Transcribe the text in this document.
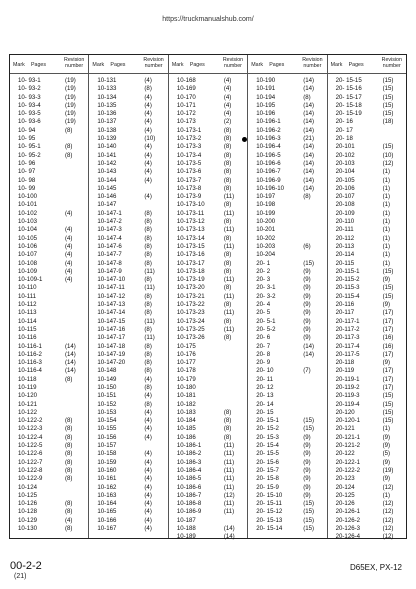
https://truckmanualshub.com/
Mark Pages
Revision
number
10- 93-1	(19)
10- 93-2	(19)
10- 93-3	(19)
10- 93-4	(19)
10- 93-5	(19)
10- 93-6	(19)
10- 94	(8)
10- 95
10- 95-1	(8)
10- 95-2	(8)
10- 96
10- 97
10- 98
10- 99
10-100
10-101
10-102	(4)
10-103
10-104	(4)
10-105	(4)
10-106	(4)
10-107	(4)
10-108	(4)
10-109	(4)
10-109-1	(4)
10-110
10-111
10-112
10-113
10-114
10-115
10-116
10-116-1	(14)
10-116-2	(14)
10-116-3	(14)
10-116-4	(14)
10-118	(8)
10-119
10-120
10-121
10-122
10-122-2	(8)
10-122-3	(8)
10-122-4	(8)
10-122-5	(8)
10-122-6	(8)
10-122-7	(8)
10-122-8	(8)
10-122-9	(8)
10-124
10-125
10-126	(8)
10-128	(8)
10-129	(4)
10-130	(8)
Mark Pages
Revision
number
10-131	(4)
10-133	(8)
10-134	(4)
10-135	(4)
10-136	(4)
10-137	(4)
10-138	(4)
10-139	(10)
10-140	(4)
10-141	(4)
10-142	(4)
10-143	(4)
10-144	(4)
10-145
10-146	(4)
10-147
10-147-1	(8)
10-147-2	(8)
10-147-3	(8)
10-147-4	(8)
10-147-6	(8)
10-147-7	(8)
10-147-8	(8)
10-147-9	(11)
10-147-10	(8)
10-147-11	(11)
10-147-12	(8)
10-147-13	(8)
10-147-14	(8)
10-147-15	(11)
10-147-16	(8)
10-147-17	(11)
10-147-18	(8)
10-147-19	(8)
10-147-20	(8)
10-148	(8)
10-149	(4)
10-150	(8)
10-151	(4)
10-152	(8)
10-153	(4)
10-154	(4)
10-155	(4)
10-156	(4)
10-157
10-158	(4)
10-159	(4)
10-160	(4)
10-161	(4)
10-162	(4)
10-163	(4)
10-164	(4)
10-165	(4)
10-166	(4)
10-167	(4)
Mark Pages
Revision
number
10-168	(4)
10-169	(4)
10-170	(4)
10-171	(4)
10-172	(4)
10-173	(2)
10-173-1	(8)
10-173-2	(8)
10-173-3	(8)
10-173-4	(8)
10-173-5	(8)
10-173-6	(8)
10-173-7	(8)
10-173-8	(8)
10-173-9	(11)
10-173-10	(8)
10-173-11	(11)
10-173-12	(8)
10-173-13	(11)
10-173-14	(8)
10-173-15	(11)
10-173-16	(8)
10-173-17	(8)
10-173-18	(8)
10-173-19	(11)
10-173-20	(8)
10-173-21	(11)
10-173-22	(8)
10-173-23	(11)
10-173-24	(8)
10-173-25	(11)
10-173-26	(8)
10-175
10-176
10-177
10-178
10-179
10-180
10-181
10-182
10-183	(8)
10-184	(8)
10-185	(8)
10-186	(8)
10-186-1	(11)
10-186-2	(11)
10-186-3	(11)
10-186-4	(11)
10-186-5	(11)
10-186-6	(11)
10-186-7	(12)
10-186-8	(11)
10-186-9	(11)
10-187
10-188	(14)
10-189	(14)
Mark Pages
Revision
number
10-190	(14)
10-191	(14)
10-194	(8)
10-195	(14)
10-196	(14)
10-196-1	(14)
10-196-2	(14)
10-196-3	(21)
10-196-4	(14)
10-196-5	(14)
10-196-6	(14)
10-196-7	(14)
10-196-9	(14)
10-196-10	(14)
10-197	(8)
10-198
10-199
10-200
10-201
10-202
10-203	(6)
10-204
20- 1	(15)
20- 2	(9)
20- 3	(9)
20- 3-1	(9)
20- 3-2	(9)
20- 4	(9)
20- 5	(9)
20- 5-1	(9)
20- 5-2	(9)
20- 6	(9)
20- 7	(14)
20- 8	(14)
20- 9
20- 10	(7)
20- 11
20- 12
20- 13
20- 14
20- 15
20- 15-1	(15)
20- 15-2	(15)
20- 15-3	(9)
20- 15-4	(9)
20- 15-5	(9)
20- 15-6	(9)
20- 15-7	(9)
20- 15-8	(9)
20- 15-9	(9)
20- 15-10	(9)
20- 15-11	(15)
20- 15-12	(15)
20- 15-13	(15)
20- 15-14	(15)
Mark Pages
Revision
number
20- 15-15	(15)
20- 15-16	(15)
20- 15-17	(15)
20- 15-18	(15)
20- 15-19	(15)
20- 16	(18)
20- 17
20- 18
20-101	(15)
20-102	(10)
20-103	(12)
20-104	(1)
20-105	(1)
20-106	(1)
20-107	(1)
20-108	(1)
20-109	(1)
20-110	(1)
20-111	(1)
20-112	(1)
20-113	(1)
20-114	(1)
20-115	(1)
20-115-1	(15)
20-115-2	(9)
20-115-3	(15)
20-115-4	(15)
20-116	(9)
20-117	(17)
20-117-1	(17)
20-117-2	(17)
20-117-3	(16)
20-117-4	(16)
20-117-5	(17)
20-118	(9)
20-119	(17)
20-119-1	(17)
20-119-2	(17)
20-119-3	(15)
20-119-4	(15)
20-120	(15)
20-120-1	(15)
20-121	(1)
20-121-1	(9)
20-121-2	(9)
20-122	(5)
20-122-1	(9)
20-122-2	(19)
20-123	(9)
20-124	(12)
20-125	(1)
20-126	(12)
20-126-1	(12)
20-126-2	(12)
20-126-3	(12)
20-126-4	(12)
00-2-2
(21)
D65EX, PX-12
